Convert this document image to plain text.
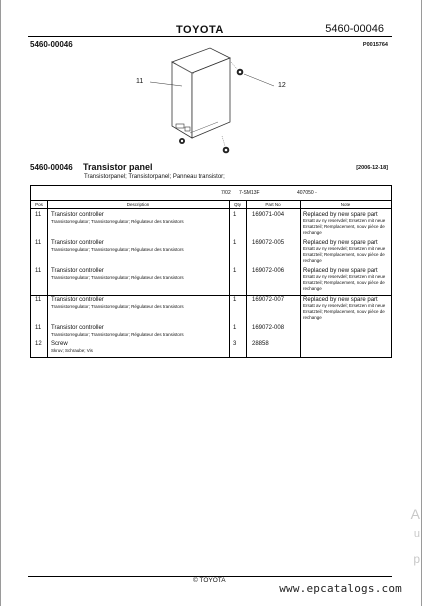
TOYOTA	5460-00046
5460-00046	P0015764
11
12
5460-00046 Transistor panel
Transistorpanel; Transistorpanel; Panneau transistor;
[2006-12-18]
7/02 7-SM13F	407050 -
Pos	Description	Qty	Part No	Note
11 Transistor controller
Transistorregulator; Transistorregulator; Régulateur des transistors
1	169071-004	Replaced by new spare part
Ersatt av ny reservdel; Ersetzen mit neue Ersatzteil; Remplacement, nouv pièce de rechange
11 Transistor controller
Transistorregulator; Transistorregulator; Régulateur des transistors
1	169072-005	Replaced by new spare part
Ersatt av ny reservdel; Ersetzen mit neue Ersatzteil; Remplacement, nouv pièce de rechange
11 Transistor controller
Transistorregulator; Transistorregulator; Régulateur des transistors
1	169072-006	Replaced by new spare part
Ersatt av ny reservdel; Ersetzen mit neue Ersatzteil; Remplacement, nouv pièce de rechange
11 Transistor controller
Transistorregulator; Transistorregulator; Régulateur des transistors
1	169072-007	Replaced by new spare part
Ersatt av ny reservdel; Ersetzen mit neue Ersatzteil; Remplacement, nouv pièce de rechange
11 Transistor controller
Transistorregulator; Transistorregulator; Régulateur des transistors
1	169072-008
12 Screw
Skruv; Schraube; Vis
3	28858
A
u
p
© TOYOTA
www.epcatalogs.com
